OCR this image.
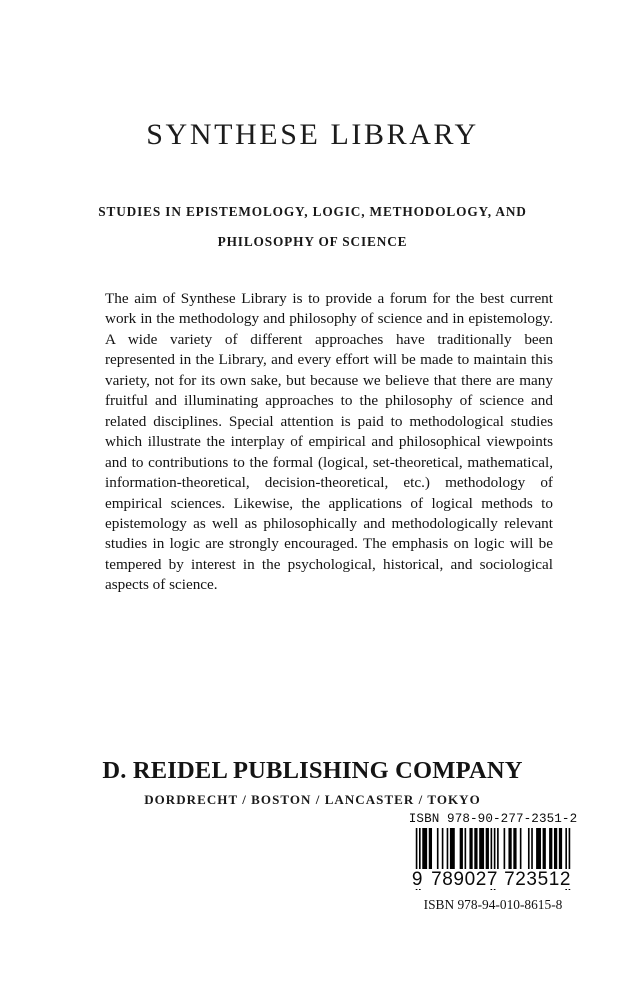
SYNTHESE LIBRARY
STUDIES IN EPISTEMOLOGY, LOGIC, METHODOLOGY, AND
PHILOSOPHY OF SCIENCE

The aim of Synthese Library is to provide a forum for the best current work in the methodology and philosophy of science and in epistemology. A wide variety of different approaches have traditionally been represented in the Library, and every effort will be made to maintain this variety, not for its own sake, but because we believe that there are many fruitful and illuminating approaches to the philosophy of science and related disciplines. Special attention is paid to methodological studies which illustrate the interplay of empirical and philosophical viewpoints and to contributions to the formal (logical, set-theoretical, mathematical, information-theoretical, decision-theoretical, etc.) methodology of empirical sciences. Likewise, the applications of logical methods to epistemology as well as philosophically and methodologically relevant studies in logic are strongly encouraged. The emphasis on logic will be tempered by interest in the psychological, historical, and sociological aspects of science.

D. REIDEL PUBLISHING COMPANY
DORDRECHT / BOSTON / LANCASTER / TOKYO
ISBN 978-90-277-2351-2
9 789027 723512
ISBN 978-94-010-8615-8
